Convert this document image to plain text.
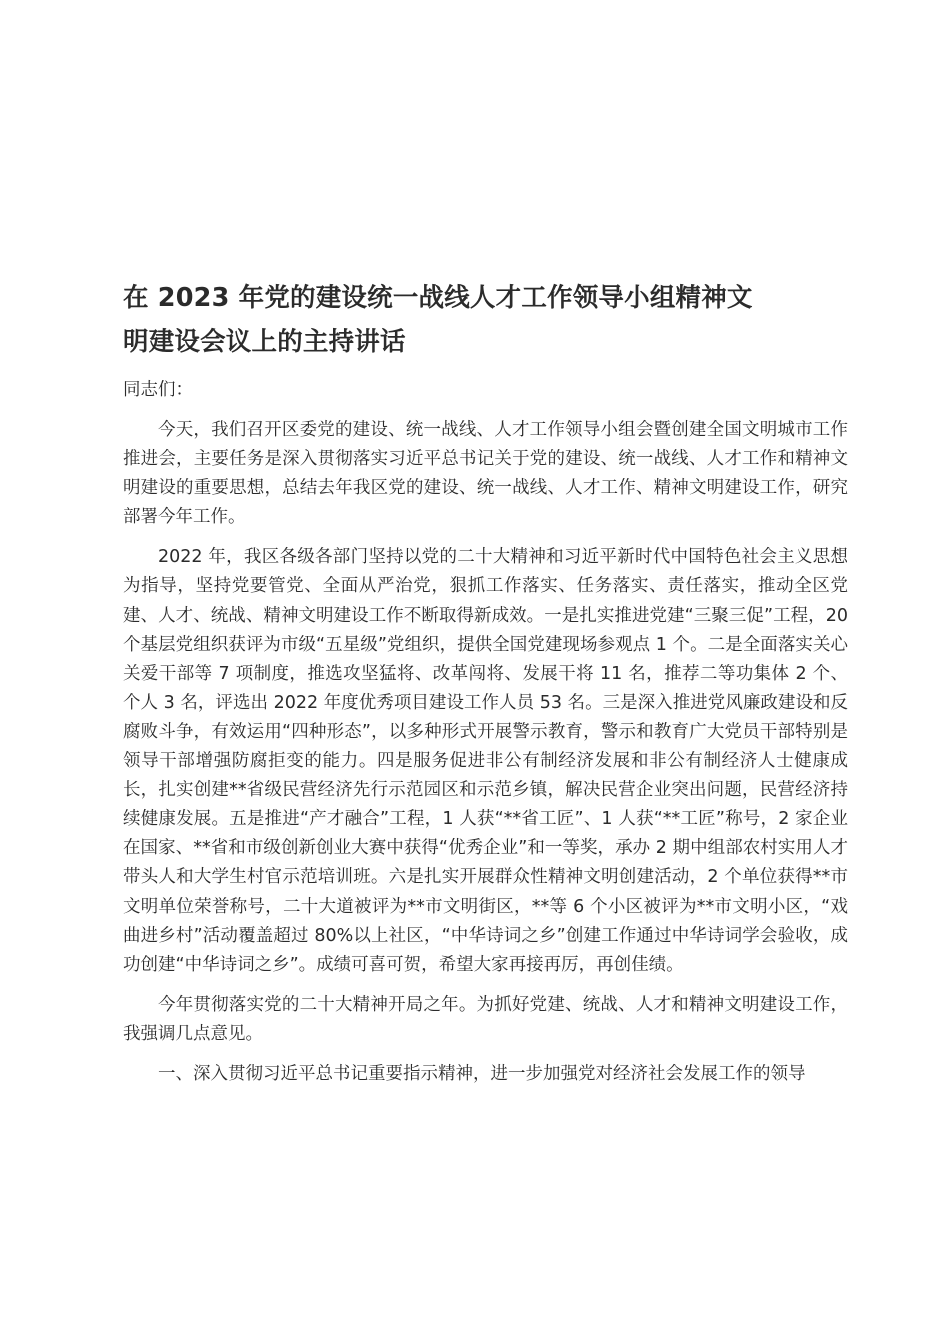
在 2023 年党的建设统一战线人才工作领导小组精神文
明建设会议上的主持讲话

同志们：

今天，我们召开区委党的建设、统一战线、人才工作领导小组会暨创建全国文明城市工作推进会，主要任务是深入贯彻落实习近平总书记关于党的建设、统一战线、人才工作和精神文明建设的重要思想，总结去年我区党的建设、统一战线、人才工作、精神文明建设工作，研究部署今年工作。

2022 年，我区各级各部门坚持以党的二十大精神和习近平新时代中国特色社会主义思想为指导，坚持党要管党、全面从严治党，狠抓工作落实、任务落实、责任落实，推动全区党建、人才、统战、精神文明建设工作不断取得新成效。一是扎实推进党建“三聚三促”工程，20 个基层党组织获评为市级“五星级”党组织，提供全国党建现场参观点 1 个。二是全面落实关心关爱干部等 7 项制度，推选攻坚猛将、改革闯将、发展干将 11 名，推荐二等功集体 2 个、个人 3 名，评选出 2022 年度优秀项目建设工作人员 53 名。三是深入推进党风廉政建设和反腐败斗争，有效运用“四种形态”，以多种形式开展警示教育，警示和教育广大党员干部特别是领导干部增强防腐拒变的能力。四是服务促进非公有制经济发展和非公有制经济人士健康成长，扎实创建**省级民营经济先行示范园区和示范乡镇，解决民营企业突出问题，民营经济持续健康发展。五是推进“产才融合”工程，1 人获“**省工匠”、1 人获“**工匠”称号，2 家企业在国家、**省和市级创新创业大赛中获得“优秀企业”和一等奖，承办 2 期中组部农村实用人才带头人和大学生村官示范培训班。六是扎实开展群众性精神文明创建活动，2 个单位获得**市文明单位荣誉称号，二十大道被评为**市文明街区，**等 6 个小区被评为**市文明小区，“戏曲进乡村”活动覆盖超过 80%以上社区，“中华诗词之乡”创建工作通过中华诗词学会验收，成功创建“中华诗词之乡”。成绩可喜可贺，希望大家再接再厉，再创佳绩。

今年贯彻落实党的二十大精神开局之年。为抓好党建、统战、人才和精神文明建设工作，我强调几点意见。

一、深入贯彻习近平总书记重要指示精神，进一步加强党对经济社会发展工作的领导
